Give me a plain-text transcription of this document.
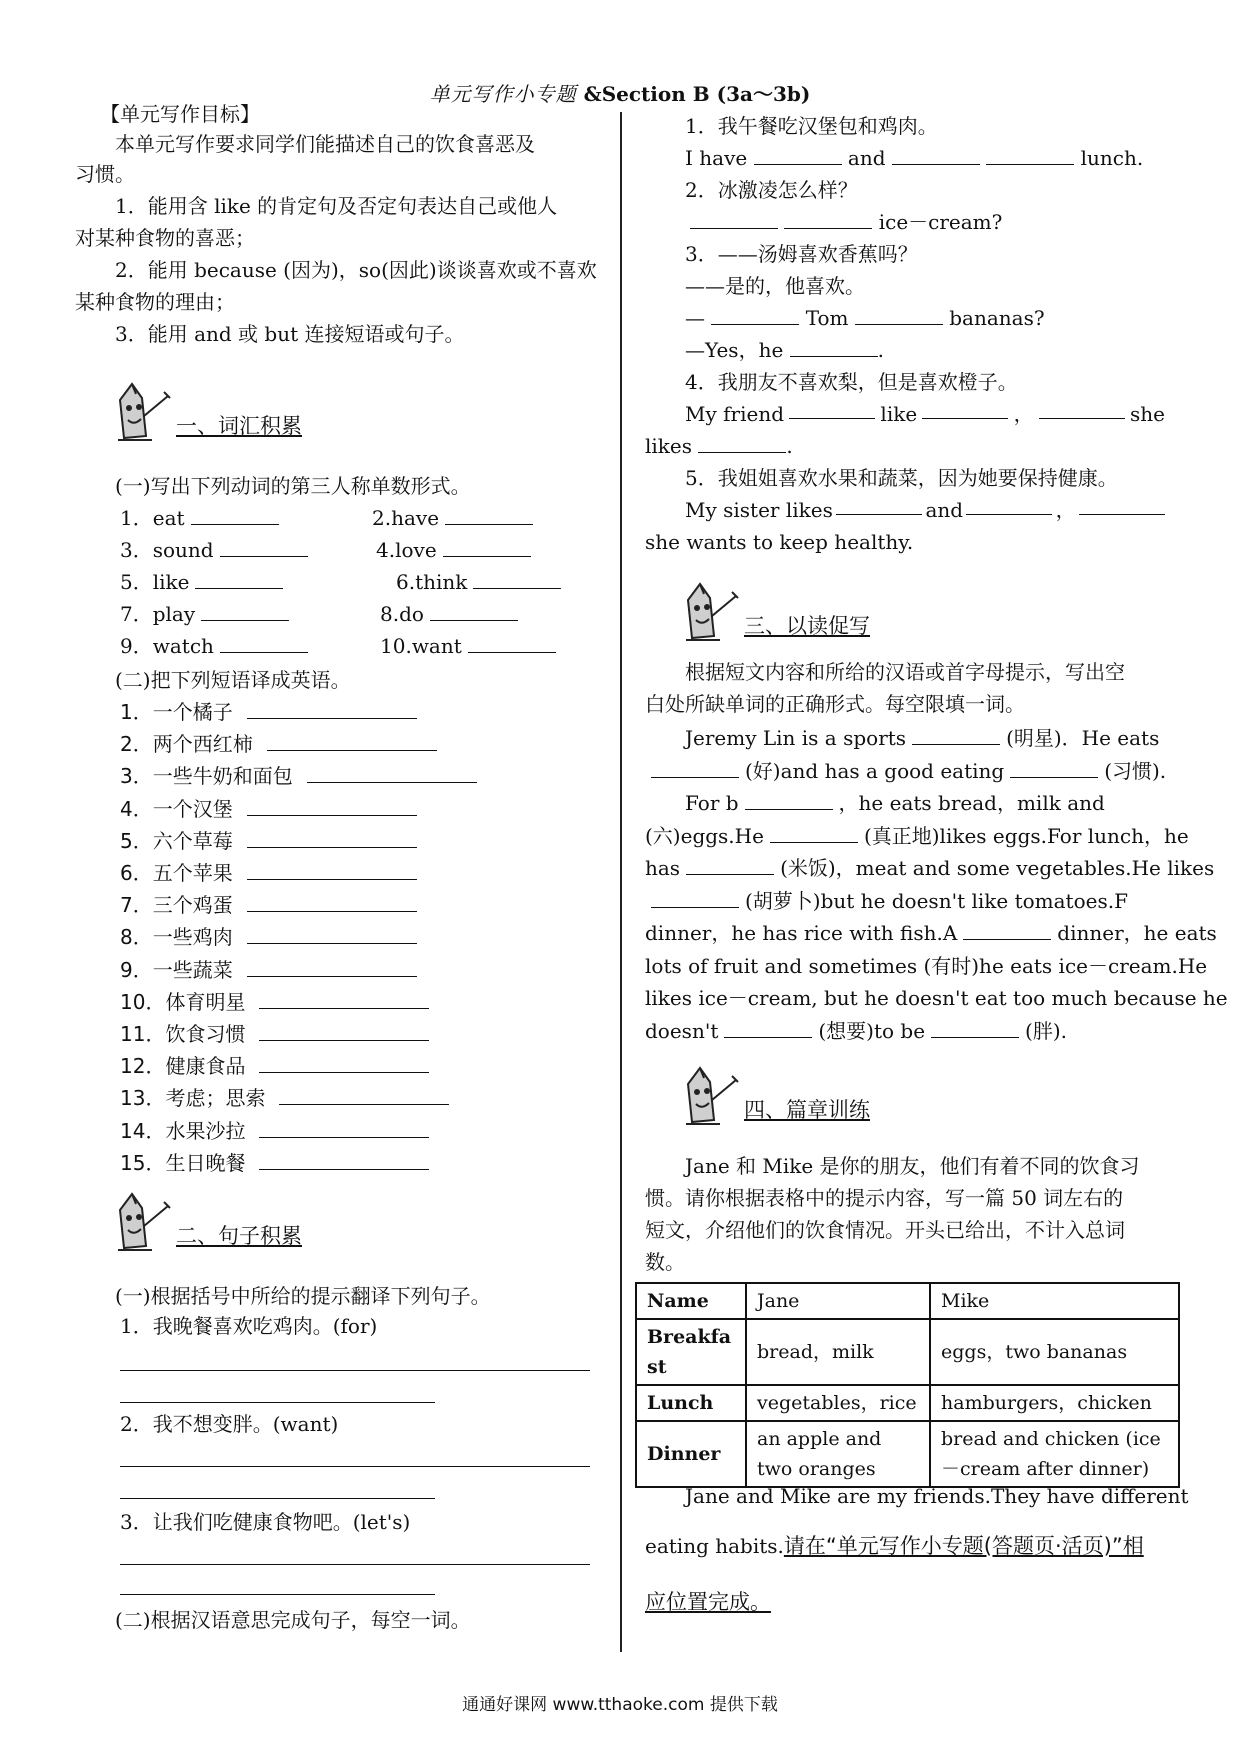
单元写作小专题 &Section B (3a～3b)
【单元写作目标】
本单元写作要求同学们能描述自己的饮食喜恶及
习惯。
1．能用含 like 的肯定句及否定句表达自己或他人
对某种食物的喜恶；
2．能用 because (因为)，so(因此)谈谈喜欢或不喜欢
某种食物的理由；
3．能用 and 或 but 连接短语或句子。
一、词汇积累
(一)写出下列动词的第三人称单数形式。
1．eat	2.have
3．sound	4.love
5．like	6.think
7．play	8.do
9．watch	10.want
(二)把下列短语译成英语。
1．一个橘子
2．两个西红柿
3．一些牛奶和面包
4．一个汉堡
5．六个草莓
6．五个苹果
7．三个鸡蛋
8．一些鸡肉
9．一些蔬菜
10．体育明星
11．饮食习惯
12．健康食品
13．考虑；思索
14．水果沙拉
15．生日晚餐
二、句子积累
(一)根据括号中所给的提示翻译下列句子。
1．我晚餐喜欢吃鸡肉。(for)
2．我不想变胖。(want)
3．让我们吃健康食物吧。(let's)
(二)根据汉语意思完成句子，每空一词。
1．我午餐吃汉堡包和鸡肉。
I have	and	lunch.
2．冰激凌怎么样？
ice－cream?
3．——汤姆喜欢香蕉吗？
——是的，他喜欢。
—	Tom	bananas?
—Yes，he	.
4．我朋友不喜欢梨，但是喜欢橙子。
My friend	like	，	she
likes	.
5．我姐姐喜欢水果和蔬菜，因为她要保持健康。
My sister likes	and	，
she wants to keep healthy.
三、以读促写
根据短文内容和所给的汉语或首字母提示，写出空
白处所缺单词的正确形式。每空限填一词。
Jeremy Lin is a sports	(明星)．He eats
(好)and has a good eating	(习惯).
For b	，he eats bread，milk and
(六)eggs.He	(真正地)likes eggs.For lunch，he
has	(米饭)，meat and some vegetables.He likes
(胡萝卜)but he doesn't like tomatoes.F
dinner，he has rice with fish.A	dinner，he eats
lots of fruit and sometimes (有时)he eats ice－cream.He
likes ice－cream, but he doesn't eat too much because he
doesn't	(想要)to be	(胖).
四、篇章训练
Jane 和 Mike 是你的朋友，他们有着不同的饮食习
惯。请你根据表格中的提示内容，写一篇 50 词左右的
短文，介绍他们的饮食情况。开头已给出，不计入总词
数。
Name	Jane	Mike
Breakfast	bread，milk	eggs，two bananas
Lunch	vegetables，rice	hamburgers，chicken
Dinner	an apple and two oranges	bread and chicken (ice－cream after dinner)
Jane and Mike are my friends.They have different
eating habits.请在“单元写作小专题(答题页·活页)”相
应位置完成。
通通好课网 www.tthaoke.com 提供下载
